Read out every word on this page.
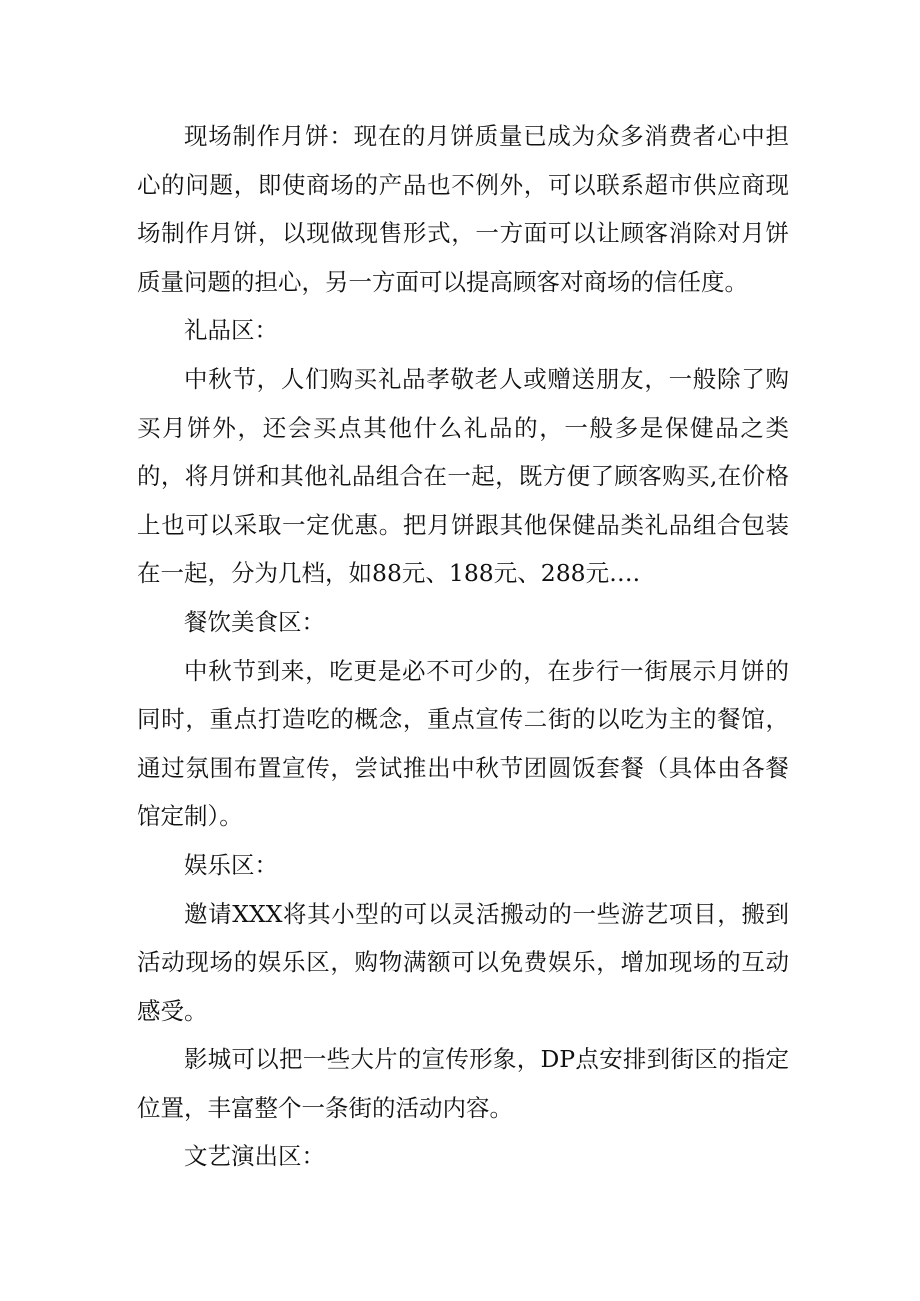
现场制作月饼：现在的月饼质量已成为众多消费者心中担心的问题，即使商场的产品也不例外，可以联系超市供应商现场制作月饼，以现做现售形式，一方面可以让顾客消除对月饼质量问题的担心，另一方面可以提高顾客对商场的信任度。

礼品区：

中秋节，人们购买礼品孝敬老人或赠送朋友，一般除了购买月饼外，还会买点其他什么礼品的，一般多是保健品之类的，将月饼和其他礼品组合在一起，既方便了顾客购买,在价格上也可以采取一定优惠。把月饼跟其他保健品类礼品组合包装在一起，分为几档，如88元、188元、288元….

餐饮美食区：

中秋节到来，吃更是必不可少的，在步行一街展示月饼的同时，重点打造吃的概念，重点宣传二街的以吃为主的餐馆，通过氛围布置宣传，尝试推出中秋节团圆饭套餐（具体由各餐馆定制）。

娱乐区：

邀请XXX将其小型的可以灵活搬动的一些游艺项目，搬到活动现场的娱乐区，购物满额可以免费娱乐，增加现场的互动感受。

影城可以把一些大片的宣传形象，DP点安排到街区的指定位置，丰富整个一条街的活动内容。

文艺演出区：
